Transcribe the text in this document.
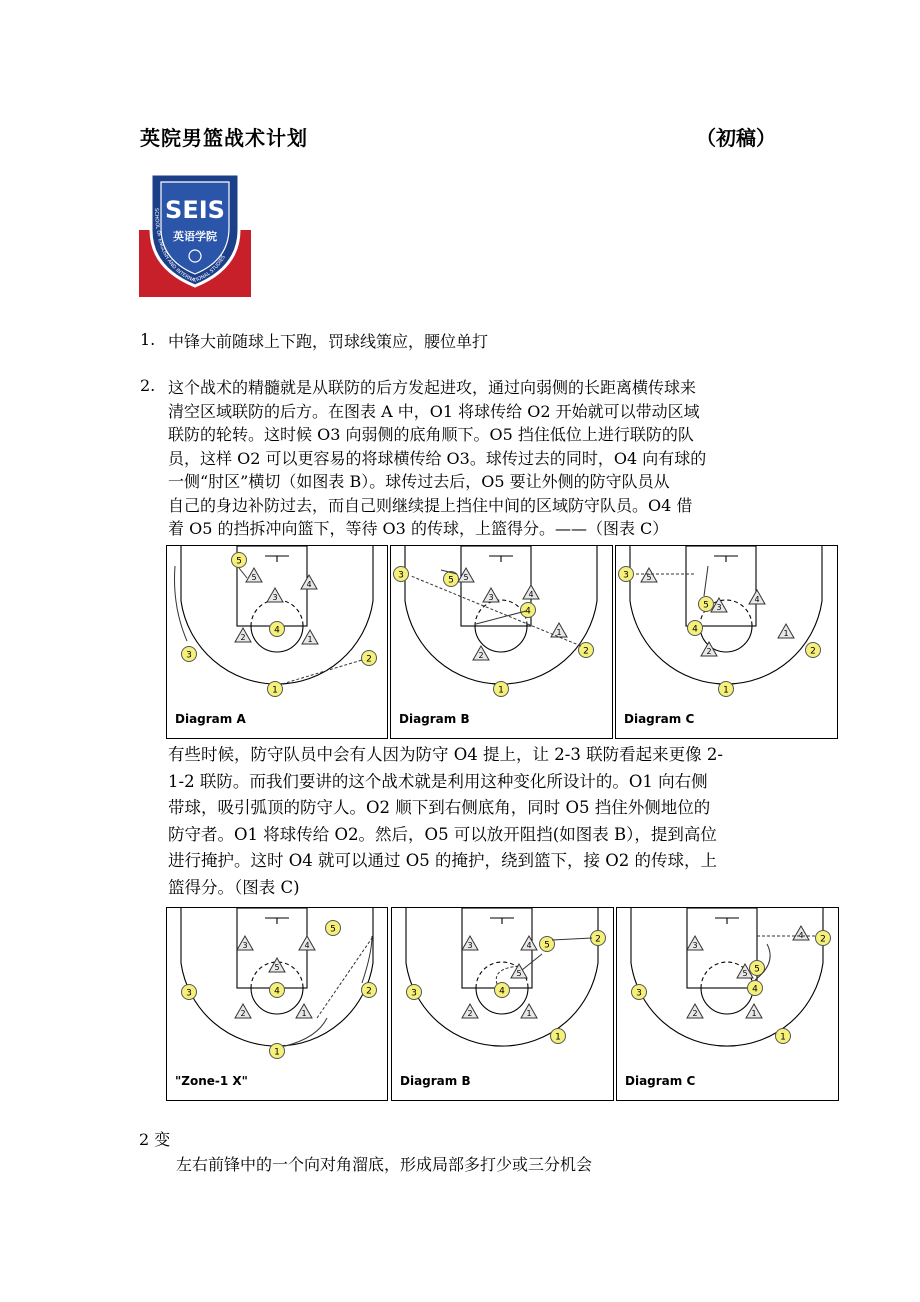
英院男篮战术计划	（初稿）
SEIS
英语学院
SCHOOL OF ENGLISH AND INTERNATIONAL STUDIES
1. 中锋大前随球上下跑，罚球线策应，腰位单打
2. 这个战术的精髓就是从联防的后方发起进攻，通过向弱侧的长距离横传球来
清空区域联防的后方。在图表 A 中，O1 将球传给 O2 开始就可以带动区域
联防的轮转。这时候 O3 向弱侧的底角顺下。O5 挡住低位上进行联防的队
员，这样 O2 可以更容易的将球横传给 O3。球传过去的同时，O4 向有球的
一侧“肘区”横切（如图表 B）。球传过去后，O5 要让外侧的防守队员从
自己的身边补防过去，而自己则继续提上挡住中间的区域防守队员。O4 借
着 O5 的挡拆冲向篮下，等待 O3 的传球，上篮得分。——（图表 C）
2	1
5
3
4
3
1
2
4
5
Diagram A
2
1
5
3	4
3
2
5
4
1
Diagram B
2
1
5
3
4
3
2
5
4
1
Diagram C
有些时候，防守队员中会有人因为防守 O4 提上，让 2-3 联防看起来更像 2-
1-2 联防。而我们要讲的这个战术就是利用这种变化所设计的。O1 向右侧
带球，吸引弧顶的防守人。O2 顺下到右侧底角，同时 O5 挡住外侧地位的
防守者。O1 将球传给 O2。然后，O5 可以放开阻挡(如图表 B），提到高位
进行掩护。这时 O4 就可以通过 O5 的掩护，绕到篮下，接 O2 的传球，上
篮得分。（图表 C)
2	1
3	4
5
3	4
5
2
1
"Zone-1 X"
2	1
3	4
5
3	4
5
2
1
Diagram B
2	1
3
4
5
3	4
5
2
1
Diagram C
2 变
左右前锋中的一个向对角溜底，形成局部多打少或三分机会
